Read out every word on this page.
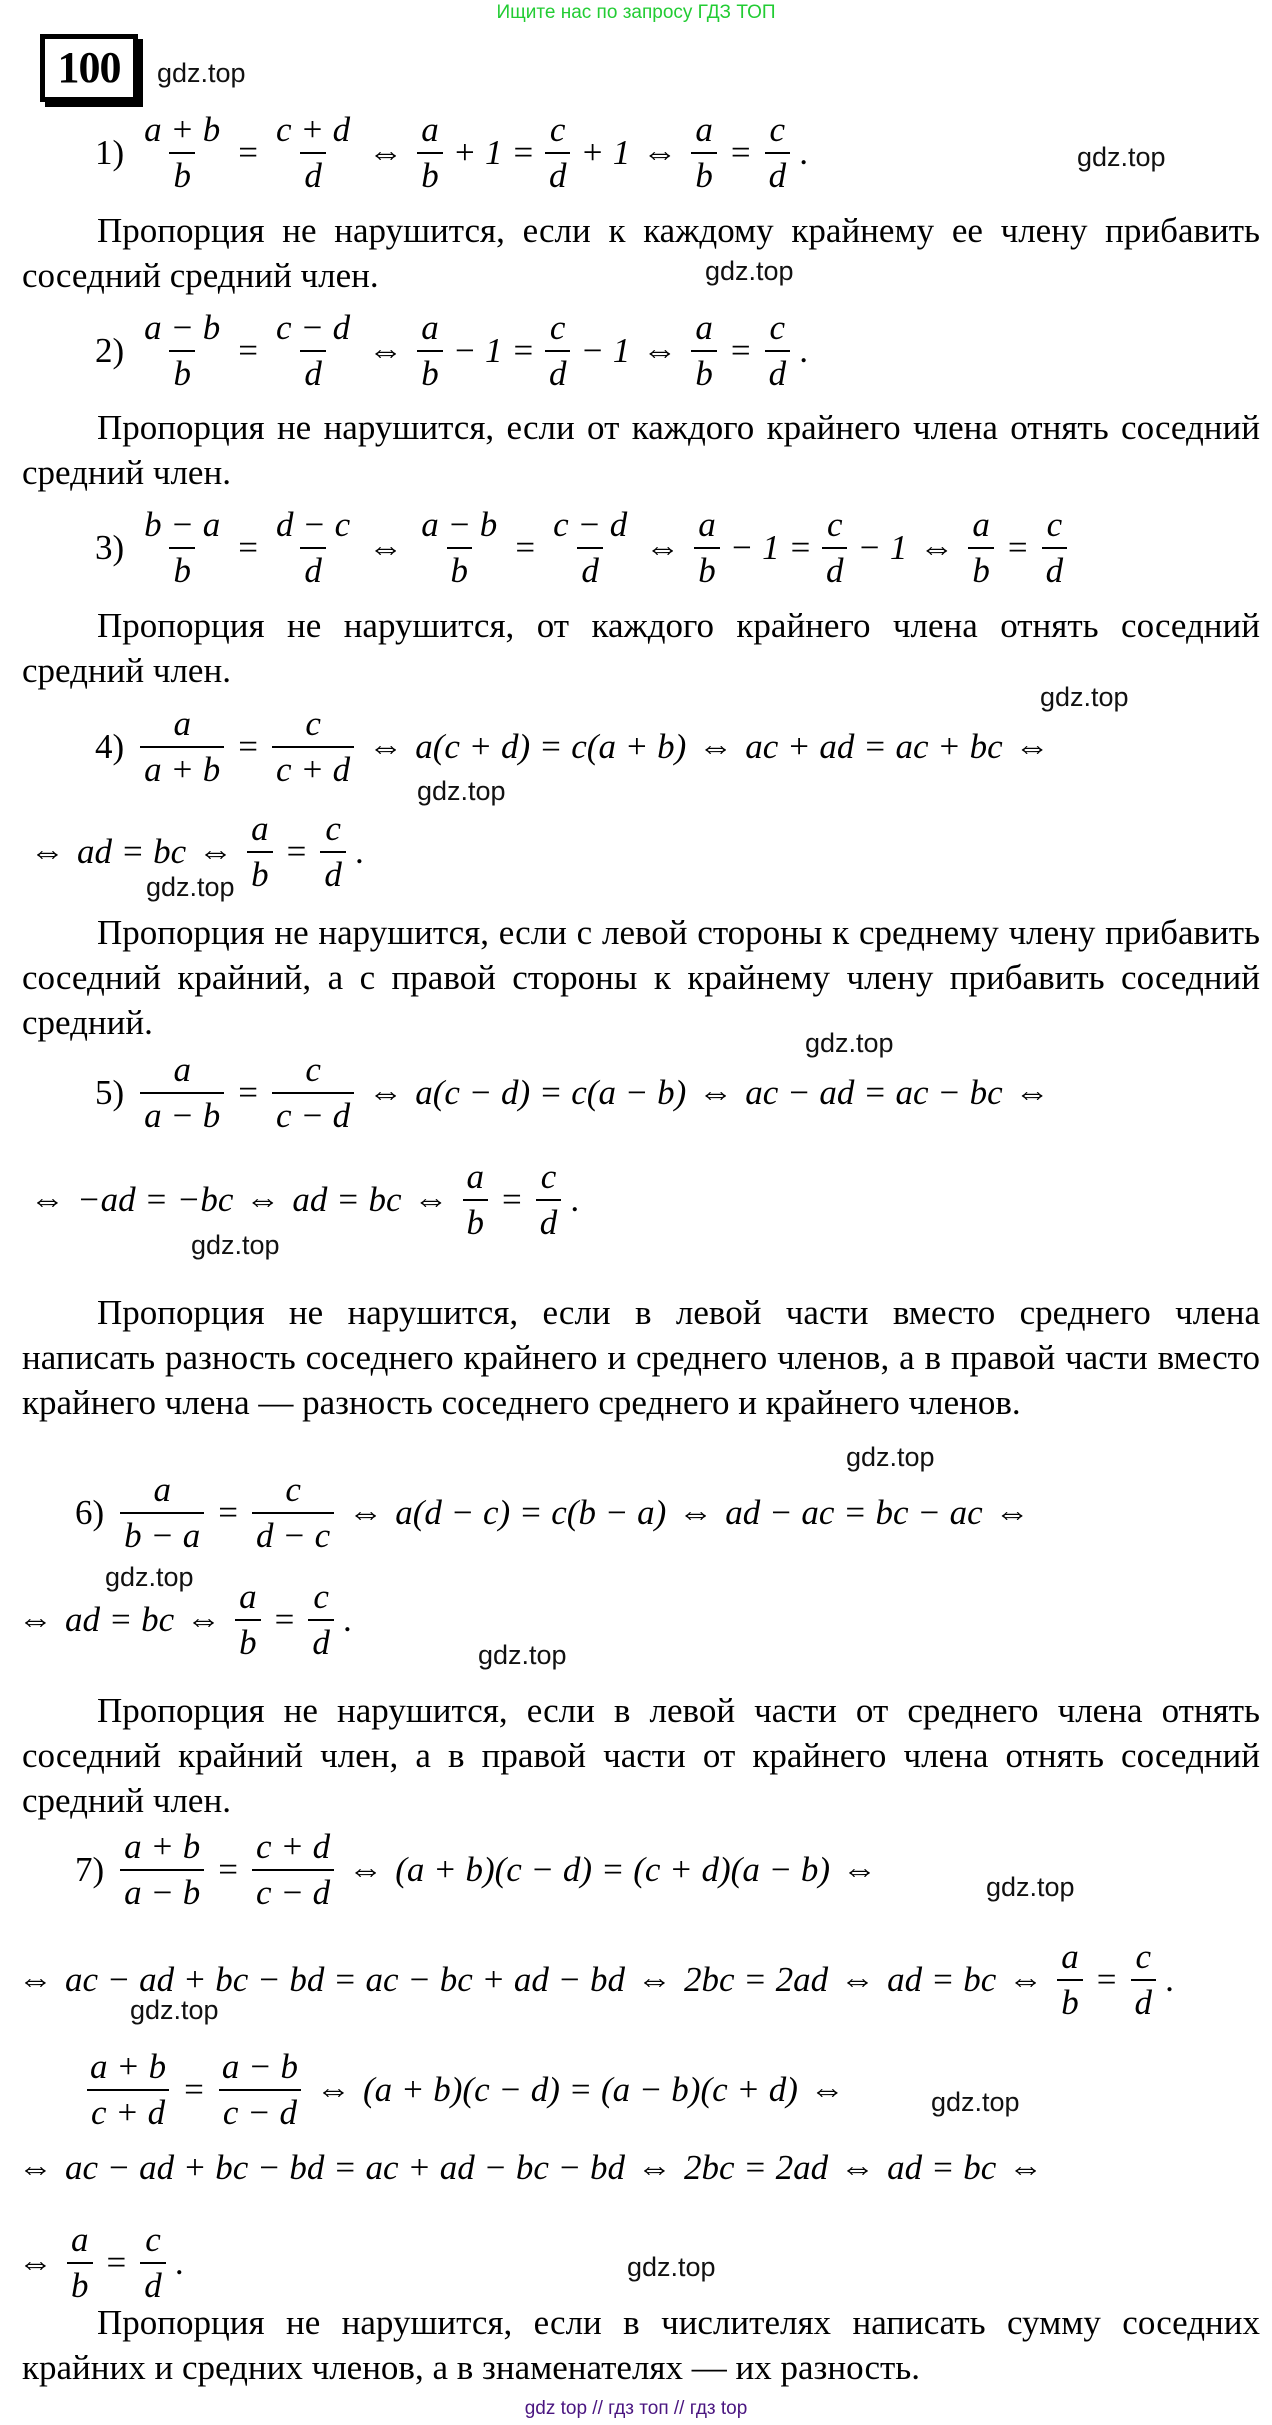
Ищите нас по запросу ГДЗ ТОП
100	gdz.top
gdz.top
gdz.top
gdz.top
gdz.top
gdz.top
gdz.top
gdz.top
gdz.top
gdz.top
gdz.top
gdz.top
gdz.top
gdz.top
gdz.top
$1) \frac{a + b}{b} = \frac{c + d}{d}$ ⇔ $\frac{a}{b} + 1 = \frac{c}{d} + 1$ ⇔ $\frac{a}{b} = \frac{c}{d}$ .
Пропорция не нарушится, если к каждому крайнему ее члену прибавить соседний средний член.
$2) \frac{a - b}{b} = \frac{c - d}{d}$ ⇔ $\frac{a}{b} - 1 = \frac{c}{d} - 1$ ⇔ $\frac{a}{b} = \frac{c}{d}$ .
Пропорция не нарушится, если от каждого крайнего члена отнять соседний средний член.
$3) \frac{b - a}{b} = \frac{d - c}{d}$ ⇔ $\frac{a - b}{b} = \frac{c - d}{d}$ ⇔ $\frac{a}{b} - 1 = \frac{c}{d} - 1$ ⇔ $\frac{a}{b} = \frac{c}{d}$
Пропорция не нарушится, от каждого крайнего члена отнять соседний средний член.
$4) \frac{a}{a + b} = \frac{c}{c + d}$ ⇔ a(c + d) = c(a + b) ⇔ ac + ad = ac + bc ⇔
⇔ ad = bc ⇔ $\frac{a}{b} = \frac{c}{d}$ .
Пропорция не нарушится, если с левой стороны к среднему члену прибавить соседний крайний, а с правой стороны к крайнему члену прибавить соседний средний.
$5) \frac{a}{a - b} = \frac{c}{c - d}$ ⇔ a(c − d) = c(a − b) ⇔ ac − ad = ac − bc ⇔
⇔ −ad = −bc ⇔ ad = bc ⇔ $\frac{a}{b} = \frac{c}{d}$ .
Пропорция не нарушится, если в левой части вместо среднего члена написать разность соседнего крайнего и среднего членов, а в правой части вместо крайнего члена — разность соседнего среднего и крайнего членов.
$6) \frac{a}{b - a} = \frac{c}{d - c}$ ⇔ a(d − c) = c(b − a) ⇔ ad − ac = bc − ac ⇔
⇔ ad = bc ⇔ $\frac{a}{b} = \frac{c}{d}$ .
Пропорция не нарушится, если в левой части от среднего члена отнять соседний крайний член, а в правой части от крайнего члена отнять соседний средний член.
$7) \frac{a + b}{a - b} = \frac{c + d}{c - d}$ ⇔ (a + b)(c − d) = (c + d)(a − b) ⇔
⇔ ac − ad + bc − bd = ac − bc + ad − bd ⇔ 2bc = 2ad ⇔ ad = bc ⇔ $\frac{a}{b} = \frac{c}{d}$ .
$\frac{a + b}{c + d} = \frac{a - b}{c - d}$ ⇔ (a + b)(c − d) = (a − b)(c + d) ⇔
⇔ ac − ad + bc − bd = ac + ad − bc − bd ⇔ 2bc = 2ad ⇔ ad = bc ⇔
⇔ $\frac{a}{b} = \frac{c}{d}$ .
Пропорция не нарушится, если в числителях написать сумму соседних крайних и средних членов, а в знаменателях — их разность.
gdz top // гдз топ // гдз top
